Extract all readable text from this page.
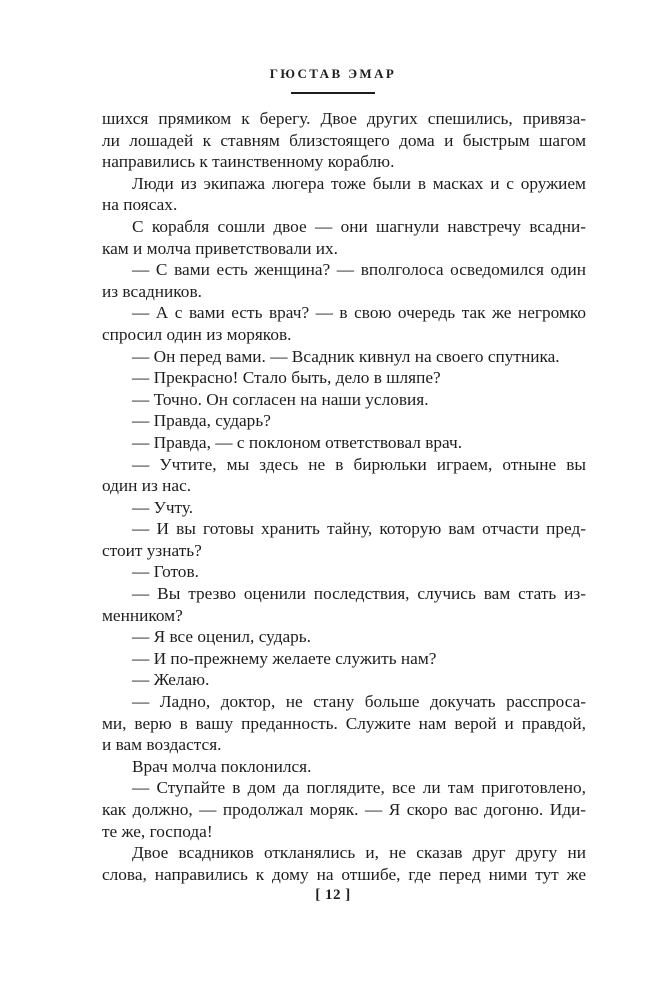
ГЮСТАВ ЭМАР
шихся прямиком к берегу. Двое других спешились, привяза-
ли лошадей к ставням близстоящего дома и быстрым шагом
направились к таинственному кораблю.
Люди из экипажа люгера тоже были в масках и с оружием
на поясах.
С корабля сошли двое — они шагнули навстречу всадни-
кам и молча приветствовали их.
— С вами есть женщина? — вполголоса осведомился один
из всадников.
— А с вами есть врач? — в свою очередь так же негромко
спросил один из моряков.
— Он перед вами. — Всадник кивнул на своего спутника.
— Прекрасно! Стало быть, дело в шляпе?
— Точно. Он согласен на наши условия.
— Правда, сударь?
— Правда, — с поклоном ответствовал врач.
— Учтите, мы здесь не в бирюльки играем, отныне вы
один из нас.
— Учту.
— И вы готовы хранить тайну, которую вам отчасти пред-
стоит узнать?
— Готов.
— Вы трезво оценили последствия, случись вам стать из-
менником?
— Я все оценил, сударь.
— И по-прежнему желаете служить нам?
— Желаю.
— Ладно, доктор, не стану больше докучать расспроса-
ми, верю в вашу преданность. Служите нам верой и правдой,
и вам воздастся.
Врач молча поклонился.
— Ступайте в дом да поглядите, все ли там приготовлено,
как должно, — продолжал моряк. — Я скоро вас догоню. Иди-
те же, господа!
Двое всадников откланялись и, не сказав друг другу ни
слова, направились к дому на отшибе, где перед ними тут же
[ 12 ]
